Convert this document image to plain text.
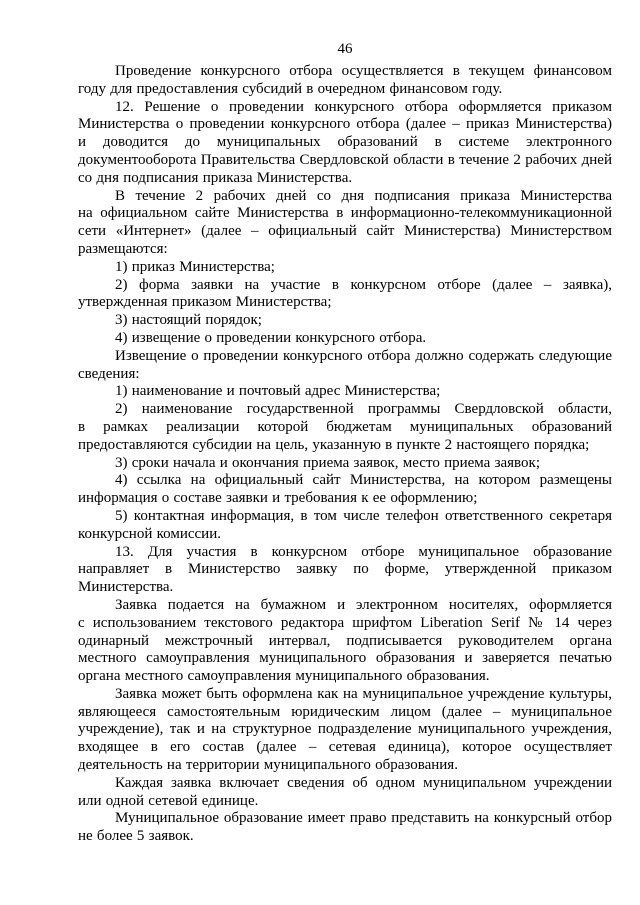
46

Проведение конкурсного отбора осуществляется в текущем финансовом году для предоставления субсидий в очередном финансовом году.

12. Решение о проведении конкурсного отбора оформляется приказом Министерства о проведении конкурсного отбора (далее – приказ Министерства) и доводится до муниципальных образований в системе электронного документооборота Правительства Свердловской области в течение 2 рабочих дней со дня подписания приказа Министерства.

В течение 2 рабочих дней со дня подписания приказа Министерства на официальном сайте Министерства в информационно-телекоммуникационной сети «Интернет» (далее – официальный сайт Министерства) Министерством размещаются:

1) приказ Министерства;

2) форма заявки на участие в конкурсном отборе (далее – заявка), утвержденная приказом Министерства;

3) настоящий порядок;

4) извещение о проведении конкурсного отбора.

Извещение о проведении конкурсного отбора должно содержать следующие сведения:

1) наименование и почтовый адрес Министерства;

2) наименование государственной программы Свердловской области, в рамках реализации которой бюджетам муниципальных образований предоставляются субсидии на цель, указанную в пункте 2 настоящего порядка;

3) сроки начала и окончания приема заявок, место приема заявок;

4) ссылка на официальный сайт Министерства, на котором размещены информация о составе заявки и требования к ее оформлению;

5) контактная информация, в том числе телефон ответственного секретаря конкурсной комиссии.

13. Для участия в конкурсном отборе муниципальное образование направляет в Министерство заявку по форме, утвержденной приказом Министерства.

Заявка подается на бумажном и электронном носителях, оформляется с использованием текстового редактора шрифтом Liberation Serif № 14 через одинарный межстрочный интервал, подписывается руководителем органа местного самоуправления муниципального образования и заверяется печатью органа местного самоуправления муниципального образования.

Заявка может быть оформлена как на муниципальное учреждение культуры, являющееся самостоятельным юридическим лицом (далее – муниципальное учреждение), так и на структурное подразделение муниципального учреждения, входящее в его состав (далее – сетевая единица), которое осуществляет деятельность на территории муниципального образования.

Каждая заявка включает сведения об одном муниципальном учреждении или одной сетевой единице.

Муниципальное образование имеет право представить на конкурсный отбор не более 5 заявок.
